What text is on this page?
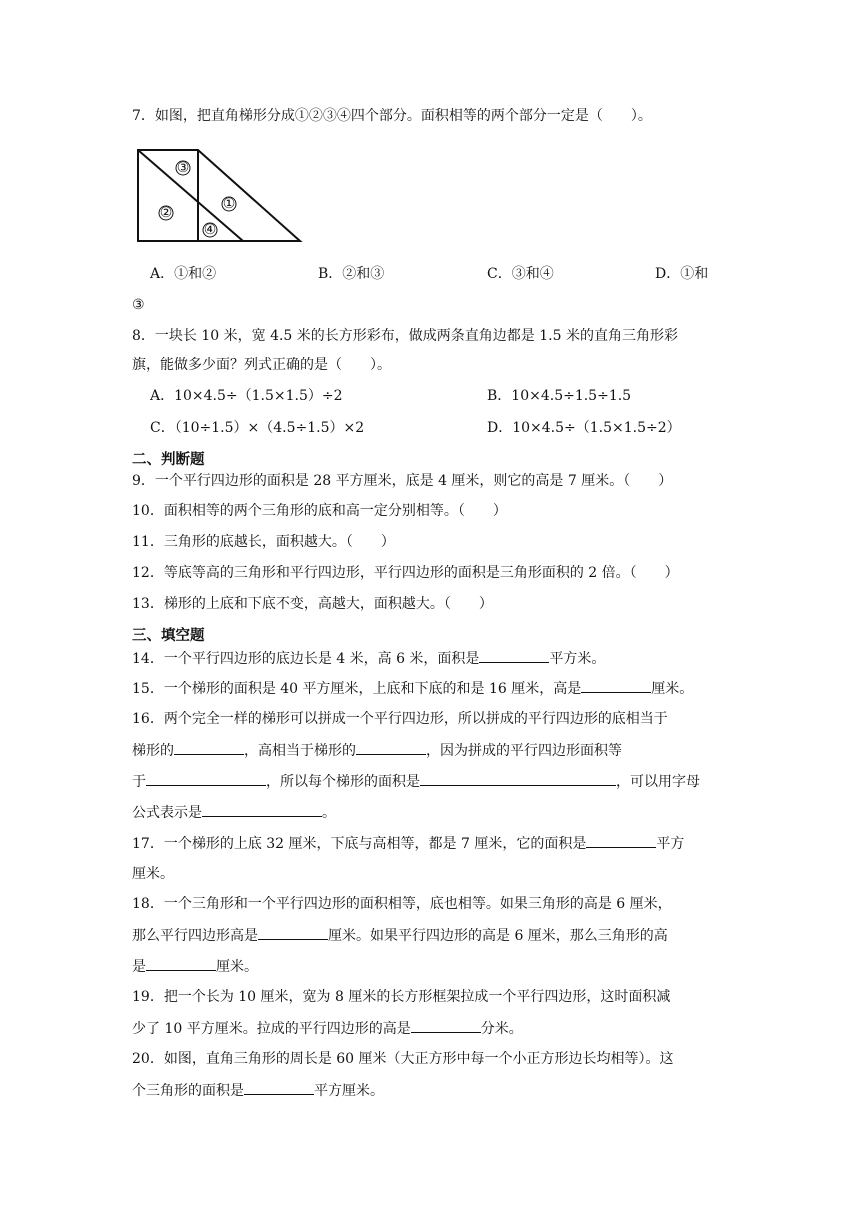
7．如图，把直角梯形分成①②③④四个部分。面积相等的两个部分一定是（　　）。
①
②
③
④
A．①和②	B．②和③	C．③和④	D．①和
③
8．一块长 10 米，宽 4.5 米的长方形彩布，做成两条直角边都是 1.5 米的直角三角形彩
旗，能做多少面？列式正确的是（　　）。
A．10×4.5÷（1.5×1.5）÷2	B．10×4.5÷1.5÷1.5
C．（10÷1.5）×（4.5÷1.5）×2	D．10×4.5÷（1.5×1.5÷2）
二、判断题
9．一个平行四边形的面积是 28 平方厘米，底是 4 厘米，则它的高是 7 厘米。（　　）
10．面积相等的两个三角形的底和高一定分别相等。（　　）
11．三角形的底越长，面积越大。（　　）
12．等底等高的三角形和平行四边形，平行四边形的面积是三角形面积的 2 倍。（　　）
13．梯形的上底和下底不变，高越大，面积越大。（　　）
三、填空题
14．一个平行四边形的底边长是 4 米，高 6 米，面积是	平方米。
15．一个梯形的面积是 40 平方厘米，上底和下底的和是 16 厘米，高是	厘米。
16．两个完全一样的梯形可以拼成一个平行四边形，所以拼成的平行四边形的底相当于
梯形的	，高相当于梯形的	，因为拼成的平行四边形面积等
于	，所以每个梯形的面积是	，可以用字母
公式表示是	。
17．一个梯形的上底 32 厘米，下底与高相等，都是 7 厘米，它的面积是	平方
厘米。
18．一个三角形和一个平行四边形的面积相等，底也相等。如果三角形的高是 6 厘米，
那么平行四边形高是	厘米。如果平行四边形的高是 6 厘米，那么三角形的高
是	厘米。
19．把一个长为 10 厘米，宽为 8 厘米的长方形框架拉成一个平行四边形，这时面积减
少了 10 平方厘米。拉成的平行四边形的高是	分米。
20．如图，直角三角形的周长是 60 厘米（大正方形中每一个小正方形边长均相等）。这
个三角形的面积是	平方厘米。
